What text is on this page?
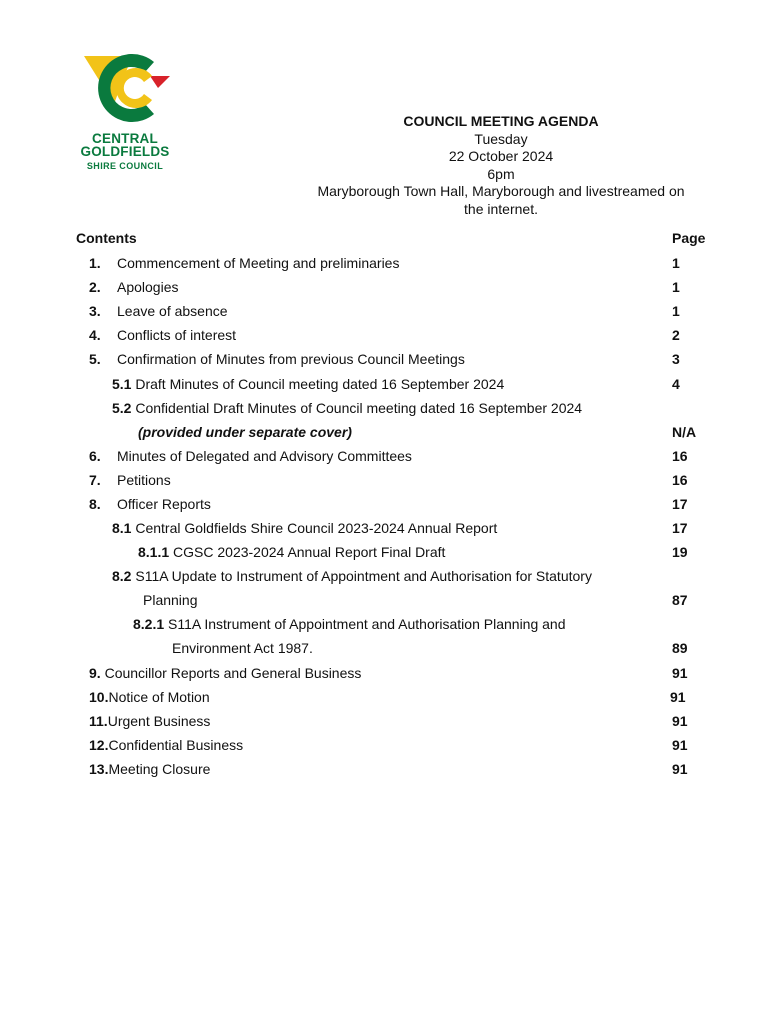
CENTRAL
GOLDFIELDS
SHIRE COUNCIL
COUNCIL MEETING AGENDA
Tuesday
22 October 2024
6pm
Maryborough Town Hall, Maryborough and livestreamed on
the internet.
Contents	Page
1. Commencement of Meeting and preliminaries	1
2. Apologies	1
3. Leave of absence	1
4. Conflicts of interest	2
5. Confirmation of Minutes from previous Council Meetings	3
5.1 Draft Minutes of Council meeting dated 16 September 2024	4
5.2 Confidential Draft Minutes of Council meeting dated 16 September 2024
(provided under separate cover)	N/A
6. Minutes of Delegated and Advisory Committees	16
7. Petitions	16
8. Officer Reports	17
8.1 Central Goldfields Shire Council 2023-2024 Annual Report	17
8.1.1 CGSC 2023-2024 Annual Report Final Draft	19
8.2 S11A Update to Instrument of Appointment and Authorisation for Statutory
Planning	87
8.2.1 S11A Instrument of Appointment and Authorisation Planning and
Environment Act 1987.	89
9. Councillor Reports and General Business	91
10.Notice of Motion	91
11.Urgent Business	91
12.Confidential Business	91
13.Meeting Closure	91
